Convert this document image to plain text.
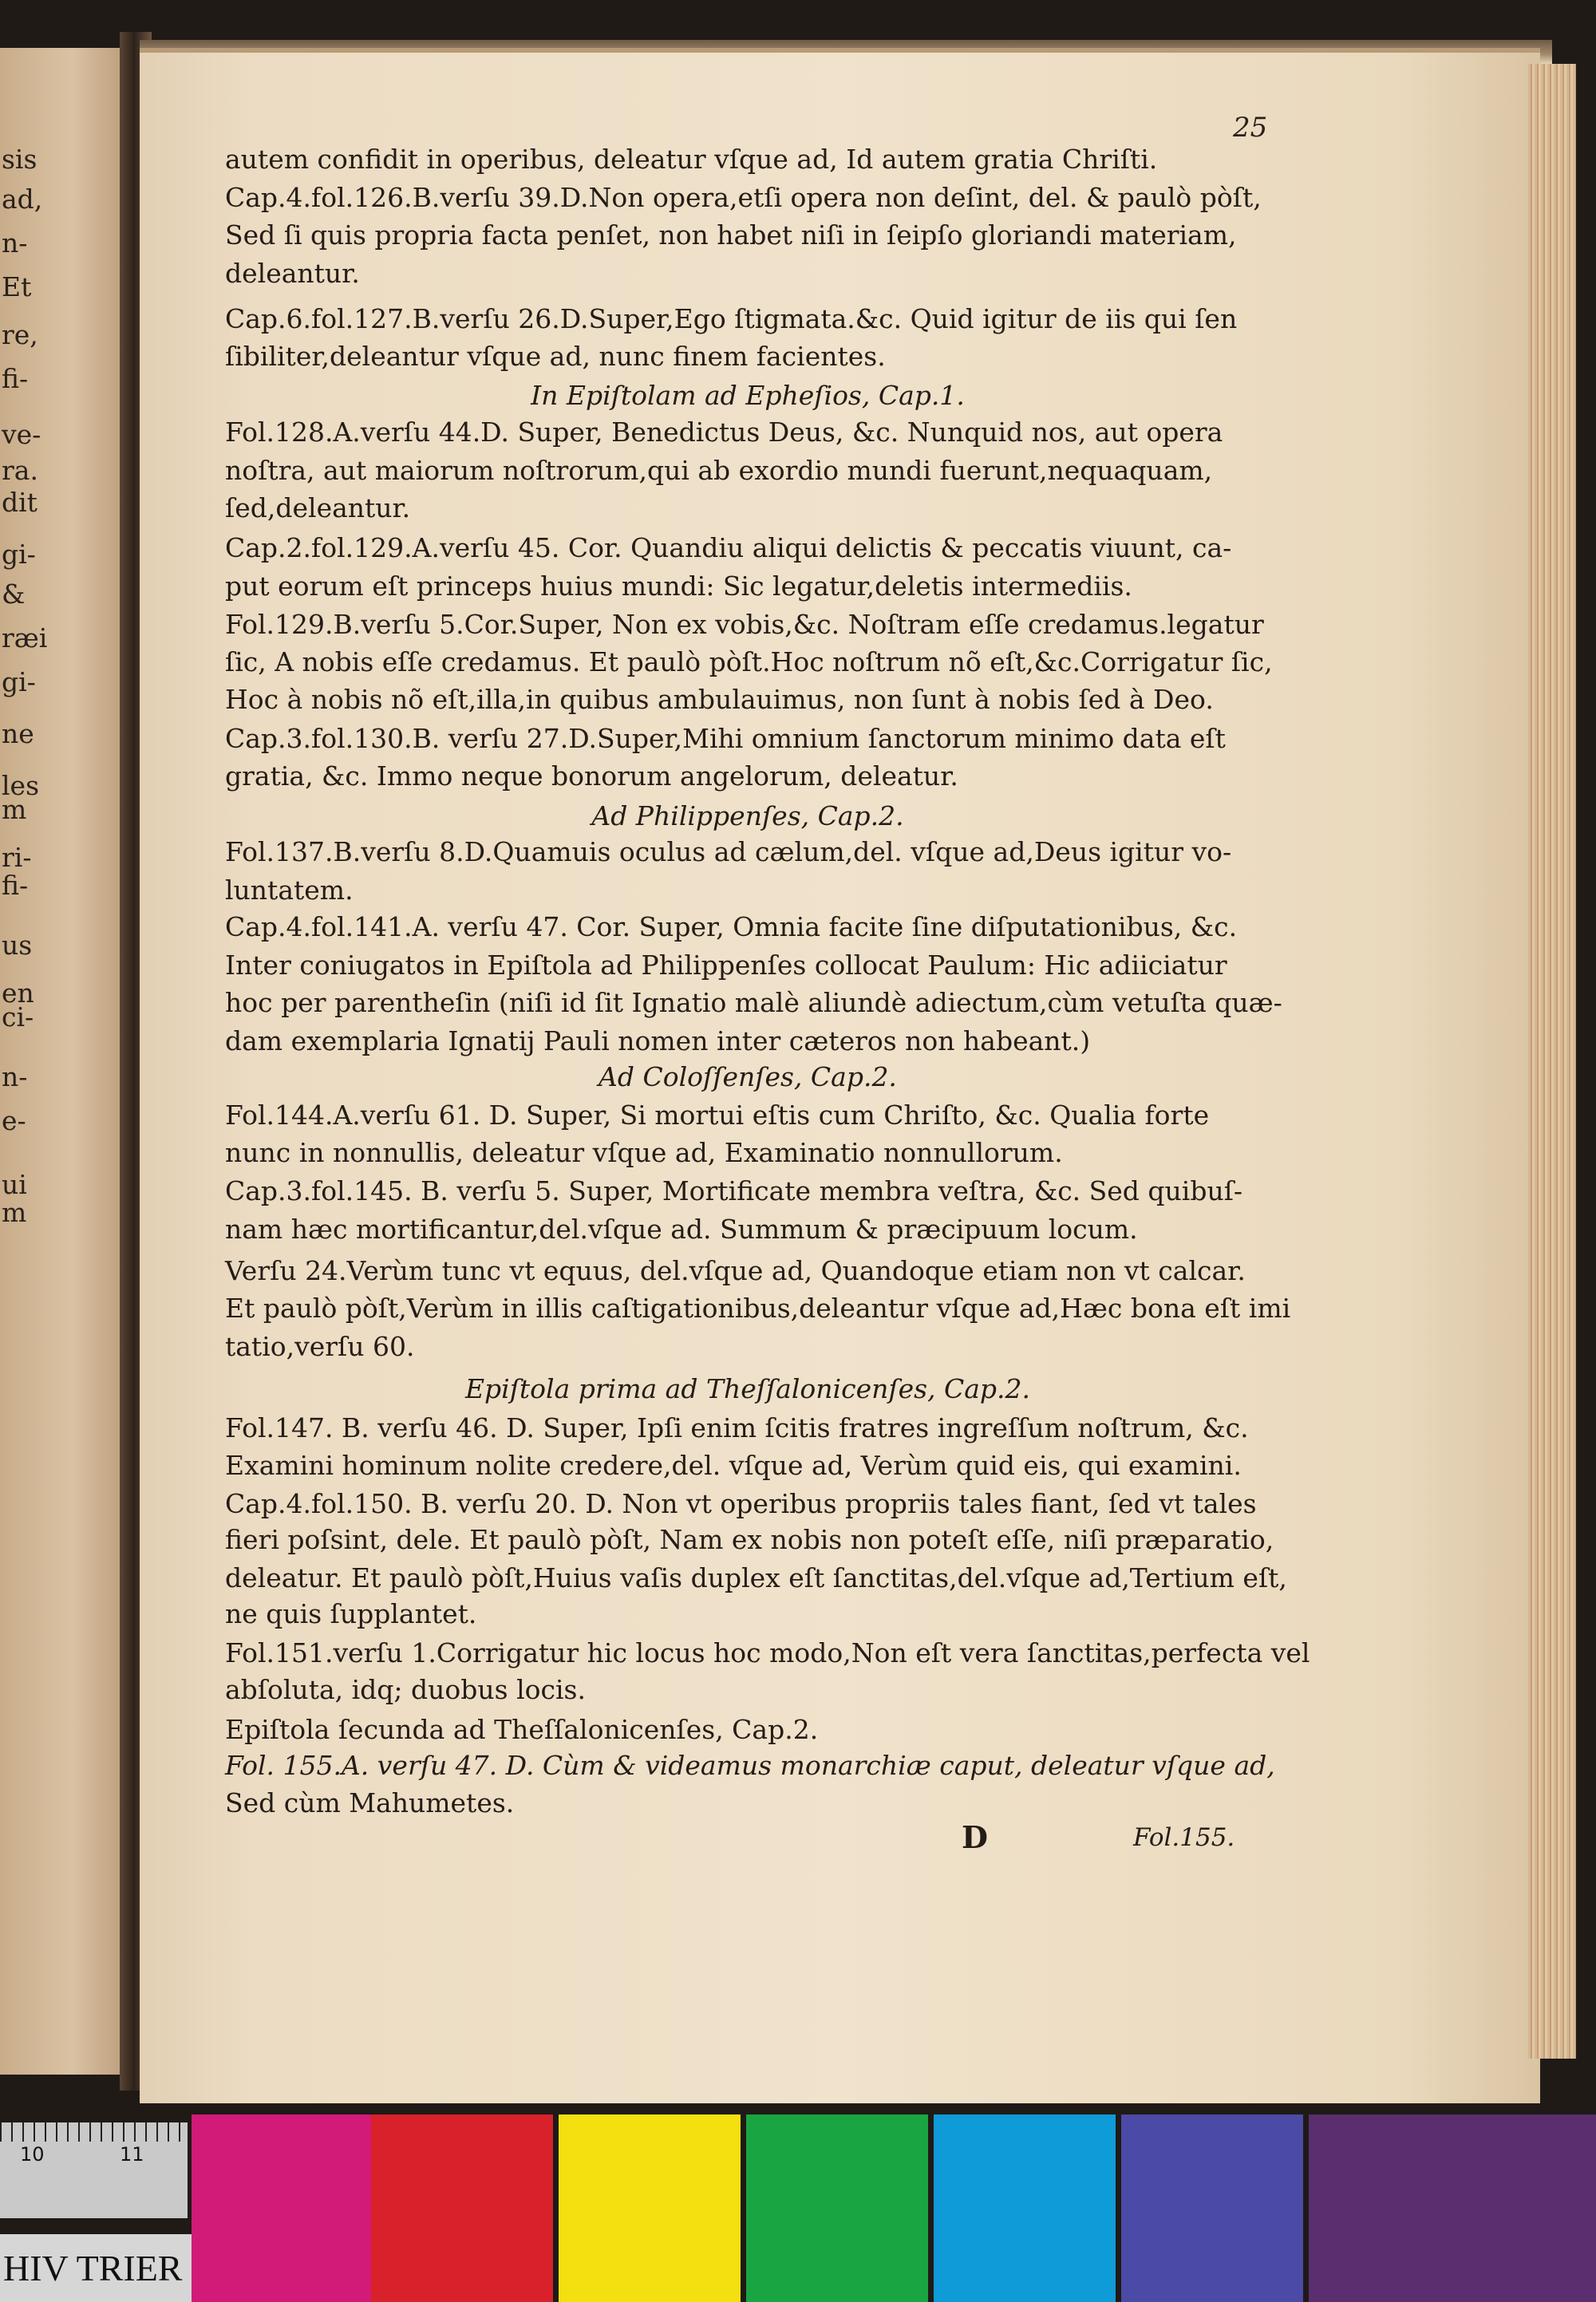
sis
ad,
n-
Et
re,
fi-
ve-
ra.
dit
gi-
&
ræi
gi-
ne
les
m
ri-
fi-
us
en
ci-
n-
e-
ui
m
25
autem confidit in operibus, deleatur vſque ad, Id autem gratia Chriſti.
Cap.4.fol.126.B.verſu 39.D.Non opera,etſi opera non deſint, del. & paulò pòſt,
Sed ſi quis propria facta penſet, non habet niſi in ſeipſo gloriandi materiam,
deleantur.
Cap.6.fol.127.B.verſu 26.D.Super,Ego ſtigmata.&c. Quid igitur de iis qui ſen
ſibiliter,deleantur vſque ad, nunc finem facientes.
In Epiſtolam ad Epheſios, Cap.1.
Fol.128.A.verſu 44.D. Super, Benedictus Deus, &c. Nunquid nos, aut opera
noſtra, aut maiorum noſtrorum,qui ab exordio mundi fuerunt,nequaquam,
ſed,deleantur.
Cap.2.fol.129.A.verſu 45. Cor. Quandiu aliqui delictis & peccatis viuunt, ca-
put eorum eſt princeps huius mundi: Sic legatur,deletis intermediis.
Fol.129.B.verſu 5.Cor.Super, Non ex vobis,&c. Noſtram eſſe credamus.legatur
ſic, A nobis eſſe credamus. Et paulò pòſt.Hoc noſtrum nõ eſt,&c.Corrigatur ſic,
Hoc à nobis nõ eſt,illa,in quibus ambulauimus, non ſunt à nobis ſed à Deo.
Cap.3.fol.130.B. verſu 27.D.Super,Mihi omnium ſanctorum minimo data eſt
gratia, &c. Immo neque bonorum angelorum, deleatur.
Ad Philippenſes, Cap.2.
Fol.137.B.verſu 8.D.Quamuis oculus ad cælum,del. vſque ad,Deus igitur vo-
luntatem.
Cap.4.fol.141.A. verſu 47. Cor. Super, Omnia facite ſine diſputationibus, &c.
Inter coniugatos in Epiſtola ad Philippenſes collocat Paulum: Hic adiiciatur
hoc per parentheſin (niſi id ſit Ignatio malè aliundè adiectum,cùm vetuſta quæ-
dam exemplaria Ignatij Pauli nomen inter cæteros non habeant.)
Ad Coloſſenſes, Cap.2.
Fol.144.A.verſu 61. D. Super, Si mortui eſtis cum Chriſto, &c. Qualia forte
nunc in nonnullis, deleatur vſque ad, Examinatio nonnullorum.
Cap.3.fol.145. B. verſu 5. Super, Mortificate membra veſtra, &c. Sed quibuſ-
nam hæc mortificantur,del.vſque ad. Summum & præcipuum locum.
Verſu 24.Verùm tunc vt equus, del.vſque ad, Quandoque etiam non vt calcar.
Et paulò pòſt,Verùm in illis caſtigationibus,deleantur vſque ad,Hæc bona eſt imi
tatio,verſu 60.
Epiſtola prima ad Theſſalonicenſes, Cap.2.
Fol.147. B. verſu 46. D. Super, Ipſi enim ſcitis fratres ingreſſum noſtrum, &c.
Examini hominum nolite credere,del. vſque ad, Verùm quid eis, qui examini.
Cap.4.fol.150. B. verſu 20. D. Non vt operibus propriis tales fiant, ſed vt tales
fieri poſsint, dele. Et paulò pòſt, Nam ex nobis non poteſt eſſe, niſi præparatio,
deleatur. Et paulò pòſt,Huius vaſis duplex eſt ſanctitas,del.vſque ad,Tertium eſt,
ne quis ſupplantet.
Fol.151.verſu 1.Corrigatur hic locus hoc modo,Non eſt vera ſanctitas,perfecta vel
abſoluta, idq; duobus locis.
Epiſtola ſecunda ad Theſſalonicenſes, Cap.2.
Fol. 155.A. verſu 47. D. Cùm & videamus monarchiæ caput, deleatur vſque ad,
Sed cùm Mahumetes.
D	Fol.155.
10	11
HIV TRIER
